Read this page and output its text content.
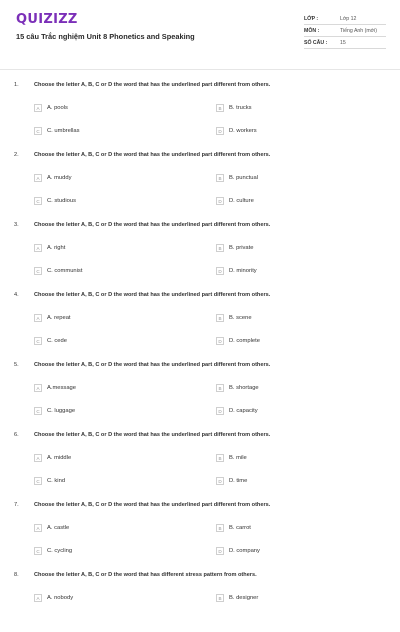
QUIZIZZ
15 câu Trắc nghiệm Unit 8 Phonetics and Speaking
LỚP :	Lớp 12
MÔN :	Tiếng Anh (mới)
SỐ CÂU :	15
1.	Choose the letter A, B, C or D the word that has the underlined part different from others.
A	A. pools	B	B. trucks
C	C. umbrellas	D	D. workers
2.	Choose the letter A, B, C or D the word that has the underlined part different from others.
A	A. muddy	B	B. punctual
C	C. studious	D	D. culture
3.	Choose the letter A, B, C or D the word that has the underlined part different from others.
A	A. right	B	B. private
C	C. communist	D	D. minority
4.	Choose the letter A, B, C or D the word that has the underlined part different from others.
A	A. repeat	B	B. scene
C	C. cede	D	D. complete
5.	Choose the letter A, B, C or D the word that has the underlined part different from others.
A	A.message	B	B. shortage
C	C. luggage	D	D. capacity
6.	Choose the letter A, B, C or D the word that has the underlined part different from others.
A	A. middle	B	B. mile
C	C. kind	D	D. time
7.	Choose the letter A, B, C or D the word that has the underlined part different from others.
A	A. castle	B	B. carrot
C	C. cycling	D	D. company
8.	Choose the letter A, B, C or D the word that has different stress pattern from others.
A	A. nobody	B	B. designer
